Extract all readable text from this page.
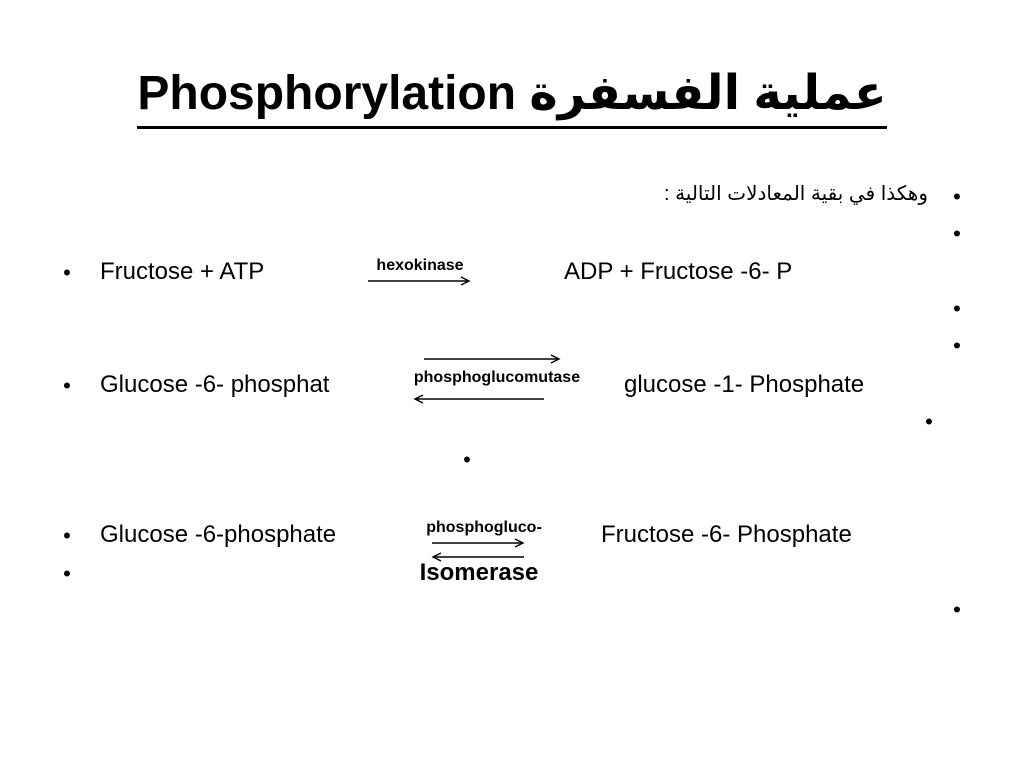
Phosphorylation عملية الفسفرة
•
•
•
•
•
•
•
وهكذا في بقية المعادلات التالية :
• Fructose + ATP	hexokinase	ADP + Fructose -6- P
• Glucose -6- phosphat	phosphoglucomutase	glucose -1- Phosphate
• Glucose -6-phosphate	phosphogluco-	Fructose -6- Phosphate
•	Isomerase
